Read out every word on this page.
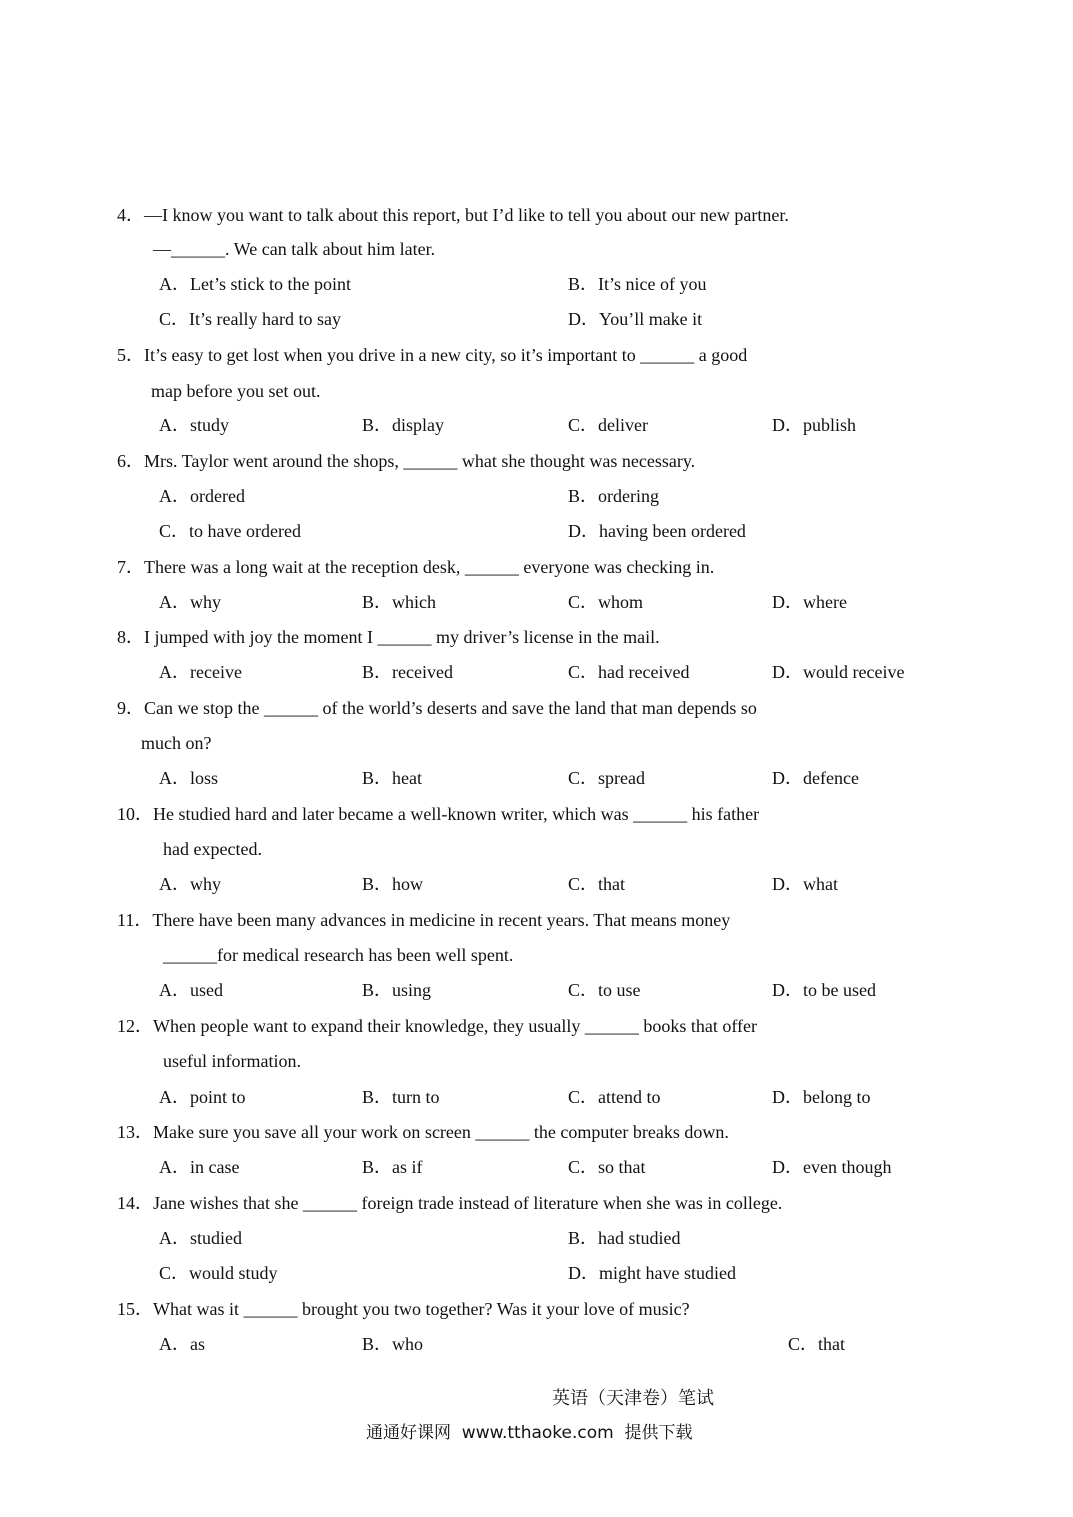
4．—I know you want to talk about this report, but I’d like to tell you about our new partner.
—______. We can talk about him later.
A．Let’s stick to the point	B．It’s nice of you
C．It’s really hard to say	D．You’ll make it
5．It’s easy to get lost when you drive in a new city, so it’s important to ______ a good
map before you set out.
A．study	B．display	C．deliver	D．publish
6．Mrs. Taylor went around the shops, ______ what she thought was necessary.
A．ordered	B．ordering
C．to have ordered	D．having been ordered
7．There was a long wait at the reception desk, ______ everyone was checking in.
A．why	B．which	C．whom	D．where
8．I jumped with joy the moment I ______ my driver’s license in the mail.
A．receive	B．received	C．had received	D．would receive
9．Can we stop the ______ of the world’s deserts and save the land that man depends so
much on?
A．loss	B．heat	C．spread	D．defence
10．He studied hard and later became a well-known writer, which was ______ his father
had expected.
A．why	B．how	C．that	D．what
11．There have been many advances in medicine in recent years. That means money
______for medical research has been well spent.
A．used	B．using	C．to use	D．to be used
12．When people want to expand their knowledge, they usually ______ books that offer
useful information.
A．point to	B．turn to	C．attend to	D．belong to
13．Make sure you save all your work on screen ______ the computer breaks down.
A．in case	B．as if	C．so that	D．even though
14．Jane wishes that she ______ foreign trade instead of literature when she was in college.
A．studied	B．had studied
C．would study	D．might have studied
15．What was it ______ brought you two together? Was it your love of music?
A．as	B．who	C．that
英语（天津卷）笔试
通通好课网  www.tthaoke.com  提供下载
